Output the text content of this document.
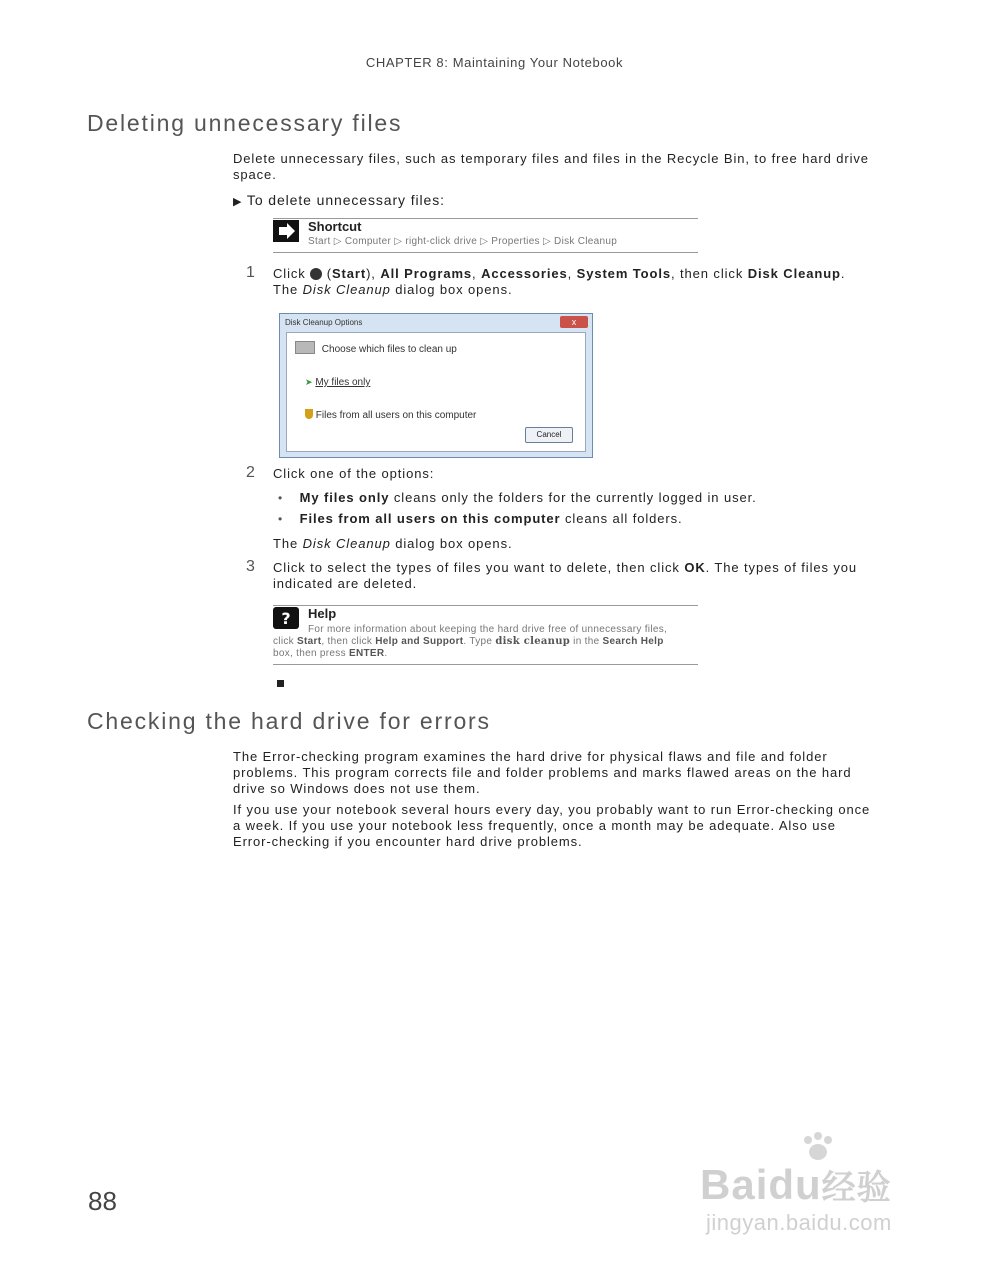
CHAPTER 8: Maintaining Your Notebook
Deleting unnecessary files
Delete unnecessary files, such as temporary files and files in the Recycle Bin, to free hard drive space.
▶ To delete unnecessary files:
Shortcut
Start ▷ Computer ▷ right-click drive ▷ Properties ▷ Disk Cleanup
1 Click (Start), All Programs, Accessories, System Tools, then click Disk Cleanup. The Disk Cleanup dialog box opens.
Disk Cleanup Options	x
Choose which files to clean up
➤ My files only
Files from all users on this computer
Cancel
2 Click one of the options:
• My files only cleans only the folders for the currently logged in user.
• Files from all users on this computer cleans all folders.
The Disk Cleanup dialog box opens.
3 Click to select the types of files you want to delete, then click OK. The types of files you indicated are deleted.
? Help
For more information about keeping the hard drive free of unnecessary files,
click Start, then click Help and Support. Type disk cleanup in the Search Help
box, then press ENTER.
Checking the hard drive for errors
The Error-checking program examines the hard drive for physical flaws and file and folder problems. This program corrects file and folder problems and marks flawed areas on the hard drive so Windows does not use them.
If you use your notebook several hours every day, you probably want to run Error-checking once a week. If you use your notebook less frequently, once a month may be adequate. Also use Error-checking if you encounter hard drive problems.
88	Baidu经验
jingyan.baidu.com
